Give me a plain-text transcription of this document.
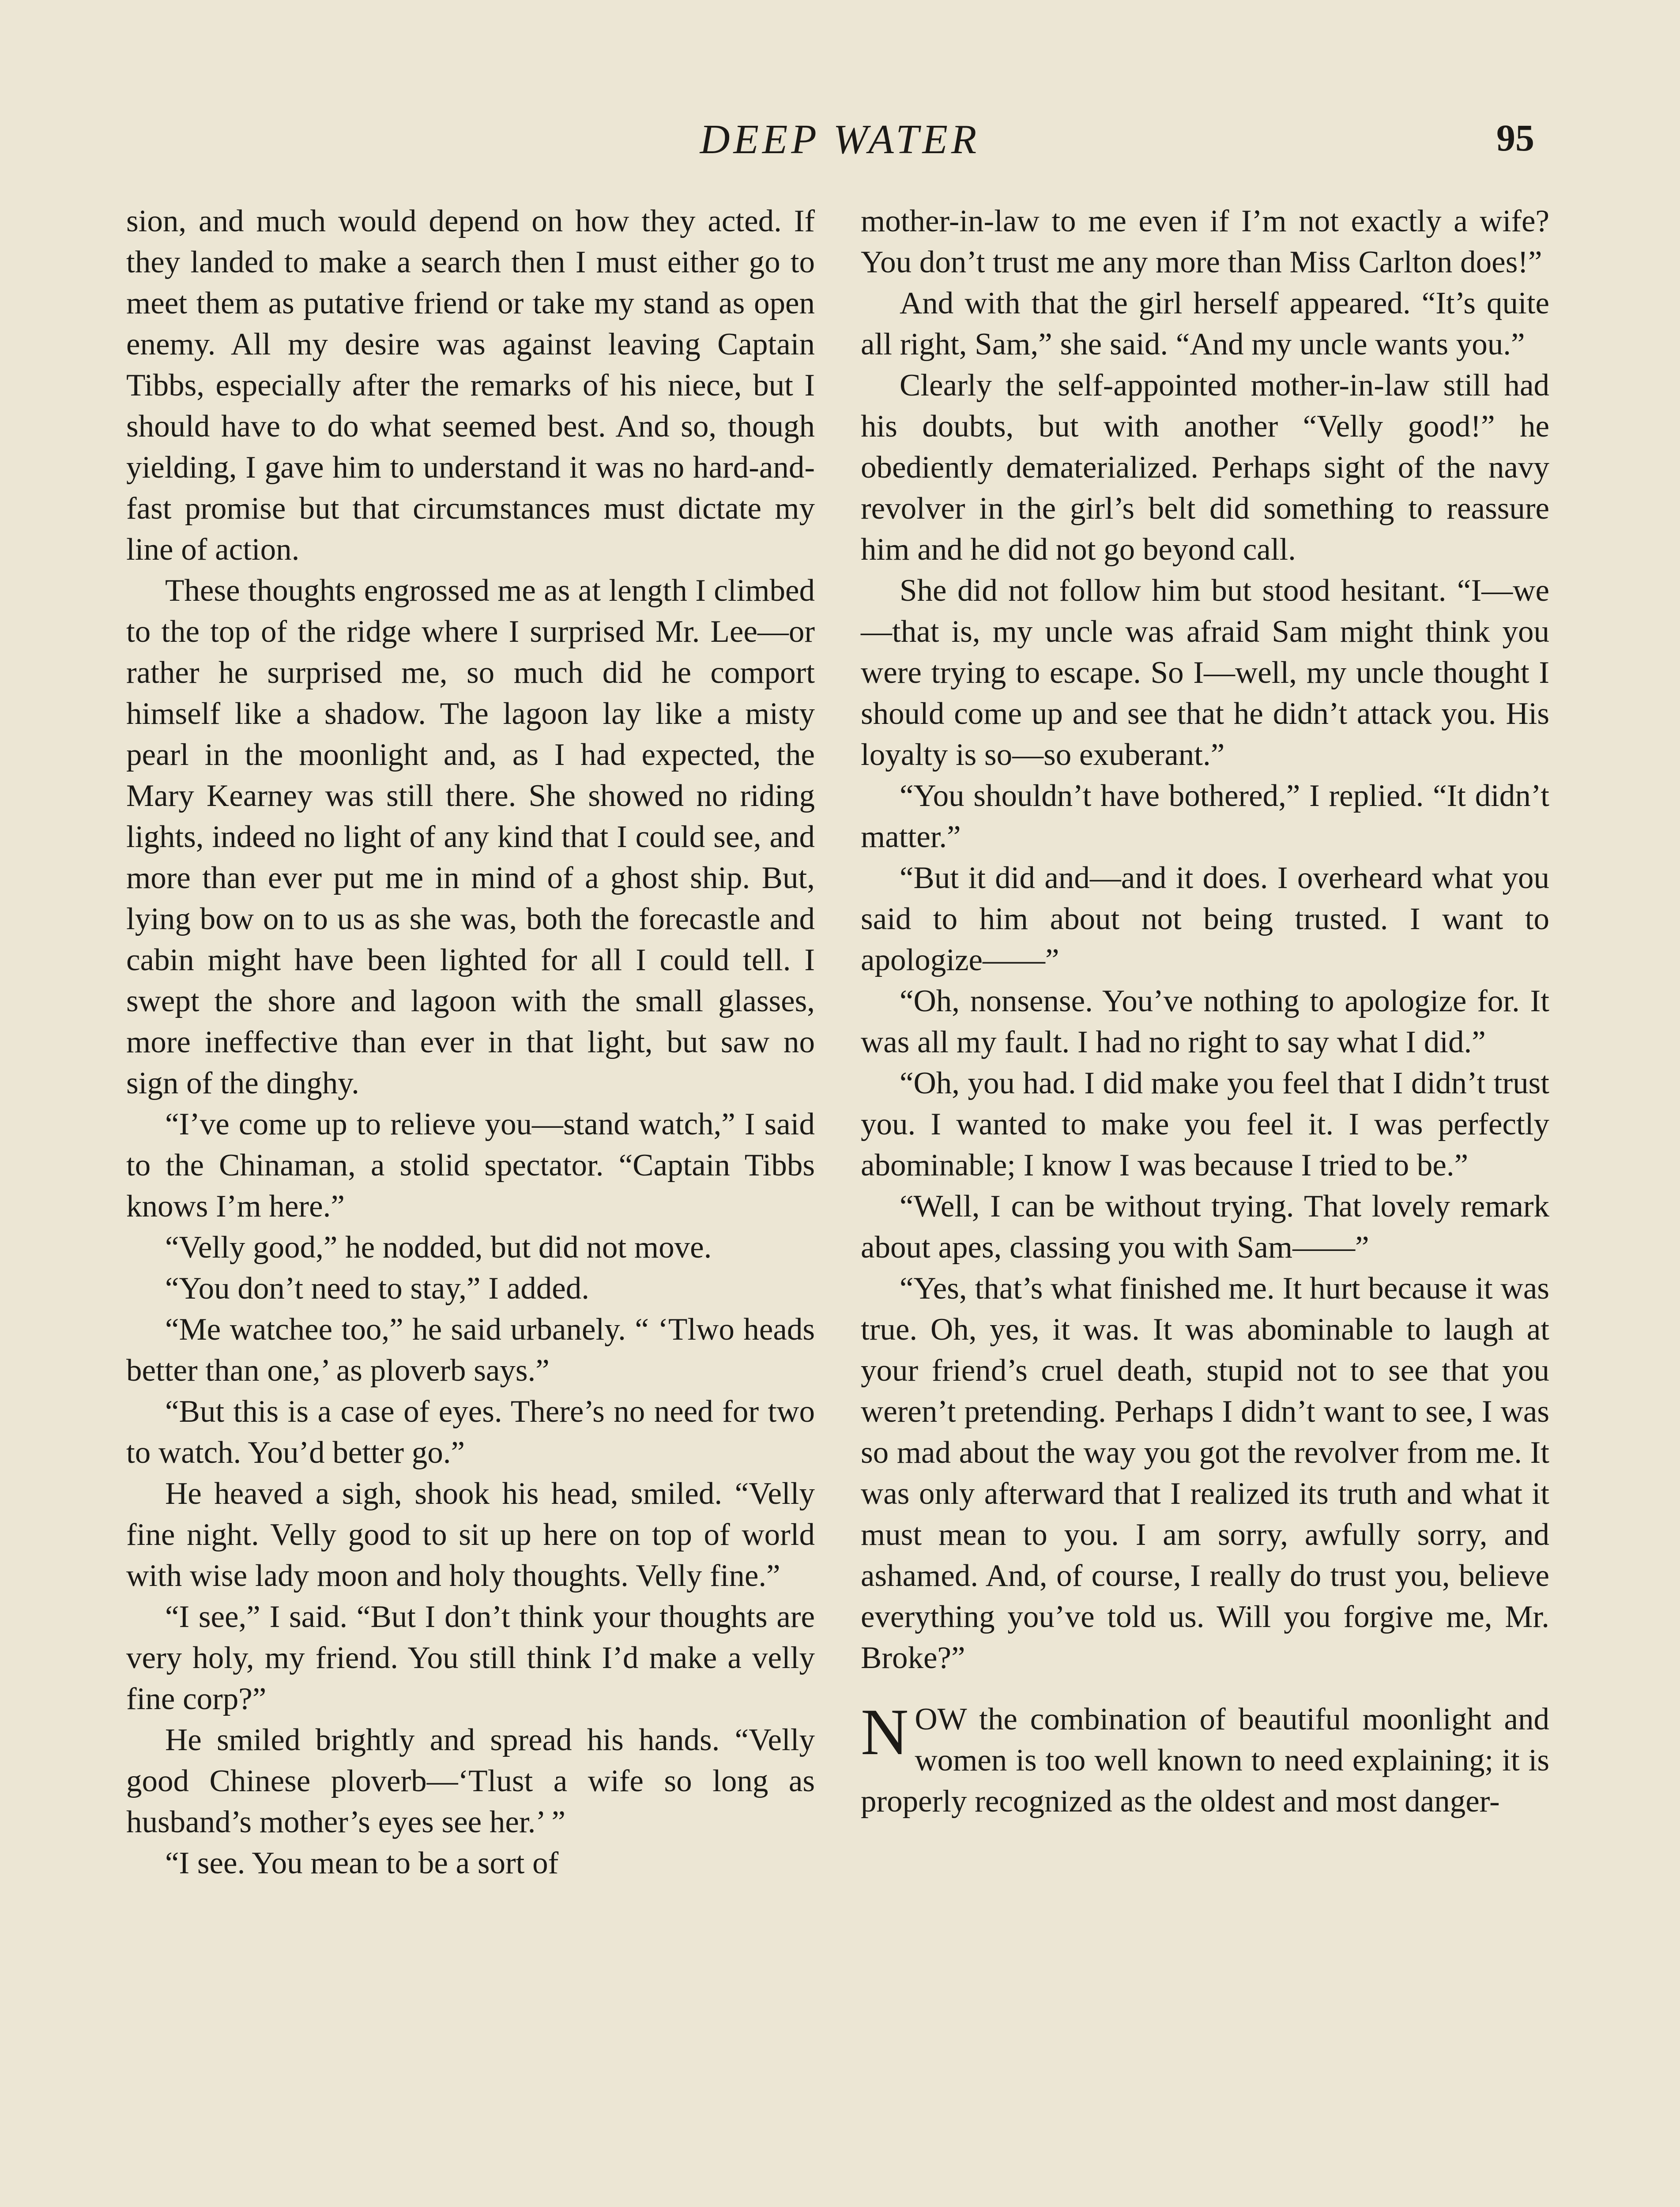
DEEP WATER	95

sion, and much would depend on how they acted. If they landed to make a search then I must either go to meet them as putative friend or take my stand as open enemy. All my desire was against leaving Captain Tibbs, especially after the remarks of his niece, but I should have to do what seemed best. And so, though yielding, I gave him to understand it was no hard-and-fast promise but that circumstances must dictate my line of action.

These thoughts engrossed me as at length I climbed to the top of the ridge where I surprised Mr. Lee—or rather he surprised me, so much did he comport himself like a shadow. The lagoon lay like a misty pearl in the moonlight and, as I had expected, the Mary Kearney was still there. She showed no riding lights, indeed no light of any kind that I could see, and more than ever put me in mind of a ghost ship. But, lying bow on to us as she was, both the forecastle and cabin might have been lighted for all I could tell. I swept the shore and lagoon with the small glasses, more ineffective than ever in that light, but saw no sign of the dinghy.

“I’ve come up to relieve you—stand watch,” I said to the Chinaman, a stolid spectator. “Captain Tibbs knows I’m here.”

“Velly good,” he nodded, but did not move.

“You don’t need to stay,” I added.

“Me watchee too,” he said urbanely. “ ‘Tlwo heads better than one,’ as ploverb says.”

“But this is a case of eyes. There’s no need for two to watch. You’d better go.”

He heaved a sigh, shook his head, smiled. “Velly fine night. Velly good to sit up here on top of world with wise lady moon and holy thoughts. Velly fine.”

“I see,” I said. “But I don’t think your thoughts are very holy, my friend. You still think I’d make a velly fine corp?”

He smiled brightly and spread his hands. “Velly good Chinese ploverb—‘Tlust a wife so long as husband’s mother’s eyes see her.’ ”

“I see. You mean to be a sort of

mother-in-law to me even if I’m not exactly a wife? You don’t trust me any more than Miss Carlton does!”

And with that the girl herself appeared. “It’s quite all right, Sam,” she said. “And my uncle wants you.”

Clearly the self-appointed mother-in-law still had his doubts, but with another “Velly good!” he obediently dematerialized. Perhaps sight of the navy revolver in the girl’s belt did something to reassure him and he did not go beyond call.

She did not follow him but stood hesitant. “I—we—that is, my uncle was afraid Sam might think you were trying to escape. So I—well, my uncle thought I should come up and see that he didn’t attack you. His loyalty is so—so exuberant.”

“You shouldn’t have bothered,” I replied. “It didn’t matter.”

“But it did and—and it does. I overheard what you said to him about not being trusted. I want to apologize——”

“Oh, nonsense. You’ve nothing to apologize for. It was all my fault. I had no right to say what I did.”

“Oh, you had. I did make you feel that I didn’t trust you. I wanted to make you feel it. I was perfectly abominable; I know I was because I tried to be.”

“Well, I can be without trying. That lovely remark about apes, classing you with Sam——”

“Yes, that’s what finished me. It hurt because it was true. Oh, yes, it was. It was abominable to laugh at your friend’s cruel death, stupid not to see that you weren’t pretending. Perhaps I didn’t want to see, I was so mad about the way you got the revolver from me. It was only afterward that I realized its truth and what it must mean to you. I am sorry, awfully sorry, and ashamed. And, of course, I really do trust you, believe everything you’ve told us. Will you forgive me, Mr. Broke?”

NOW the combination of beautiful moonlight and women is too well known to need explaining; it is properly recognized as the oldest and most danger-
